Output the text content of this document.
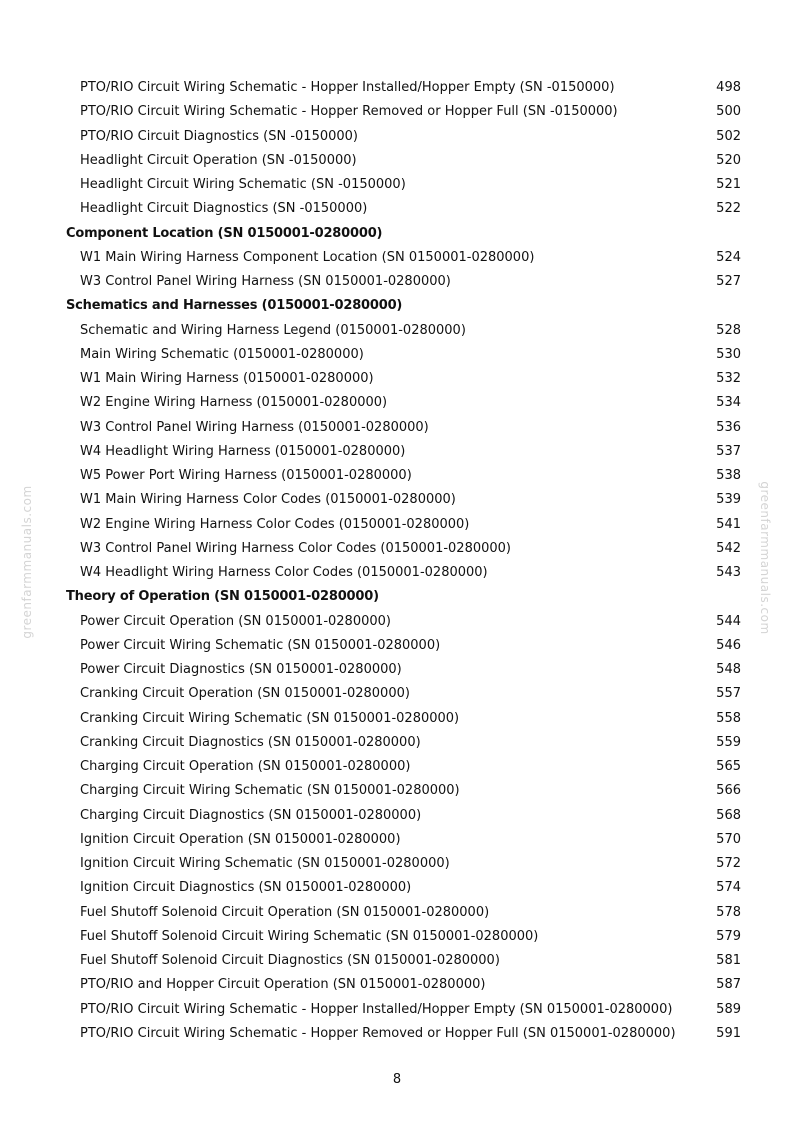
PTO/RIO Circuit Wiring Schematic - Hopper Installed/Hopper Empty (SN -0150000)	498
PTO/RIO Circuit Wiring Schematic - Hopper Removed or Hopper Full (SN -0150000)	500
PTO/RIO Circuit Diagnostics (SN -0150000)	502
Headlight Circuit Operation (SN -0150000)	520
Headlight Circuit Wiring Schematic (SN -0150000)	521
Headlight Circuit Diagnostics (SN -0150000)	522
Component Location (SN 0150001-0280000)
W1 Main Wiring Harness Component Location (SN 0150001-0280000)	524
W3 Control Panel Wiring Harness (SN 0150001-0280000)	527
Schematics and Harnesses (0150001-0280000)
Schematic and Wiring Harness Legend (0150001-0280000)	528
Main Wiring Schematic (0150001-0280000)	530
W1 Main Wiring Harness (0150001-0280000)	532
W2 Engine Wiring Harness (0150001-0280000)	534
W3 Control Panel Wiring Harness (0150001-0280000)	536
W4 Headlight Wiring Harness (0150001-0280000)	537
W5 Power Port Wiring Harness (0150001-0280000)	538
W1 Main Wiring Harness Color Codes (0150001-0280000)	539
W2 Engine Wiring Harness Color Codes (0150001-0280000)	541
W3 Control Panel Wiring Harness Color Codes (0150001-0280000)	542
W4 Headlight Wiring Harness Color Codes (0150001-0280000)	543
Theory of Operation (SN 0150001-0280000)
Power Circuit Operation (SN 0150001-0280000)	544
Power Circuit Wiring Schematic (SN 0150001-0280000)	546
Power Circuit Diagnostics (SN 0150001-0280000)	548
Cranking Circuit Operation (SN 0150001-0280000)	557
Cranking Circuit Wiring Schematic (SN 0150001-0280000)	558
Cranking Circuit Diagnostics (SN 0150001-0280000)	559
Charging Circuit Operation (SN 0150001-0280000)	565
Charging Circuit Wiring Schematic (SN 0150001-0280000)	566
Charging Circuit Diagnostics (SN 0150001-0280000)	568
Ignition Circuit Operation (SN 0150001-0280000)	570
Ignition Circuit Wiring Schematic (SN 0150001-0280000)	572
Ignition Circuit Diagnostics (SN 0150001-0280000)	574
Fuel Shutoff Solenoid Circuit Operation (SN 0150001-0280000)	578
Fuel Shutoff Solenoid Circuit Wiring Schematic (SN 0150001-0280000)	579
Fuel Shutoff Solenoid Circuit Diagnostics (SN 0150001-0280000)	581
PTO/RIO and Hopper Circuit Operation (SN 0150001-0280000)	587
PTO/RIO Circuit Wiring Schematic - Hopper Installed/Hopper Empty (SN 0150001-0280000)	589
PTO/RIO Circuit Wiring Schematic - Hopper Removed or Hopper Full (SN 0150001-0280000)	591
8
greenfarmmanuals.com	greenfarmmanuals.com
